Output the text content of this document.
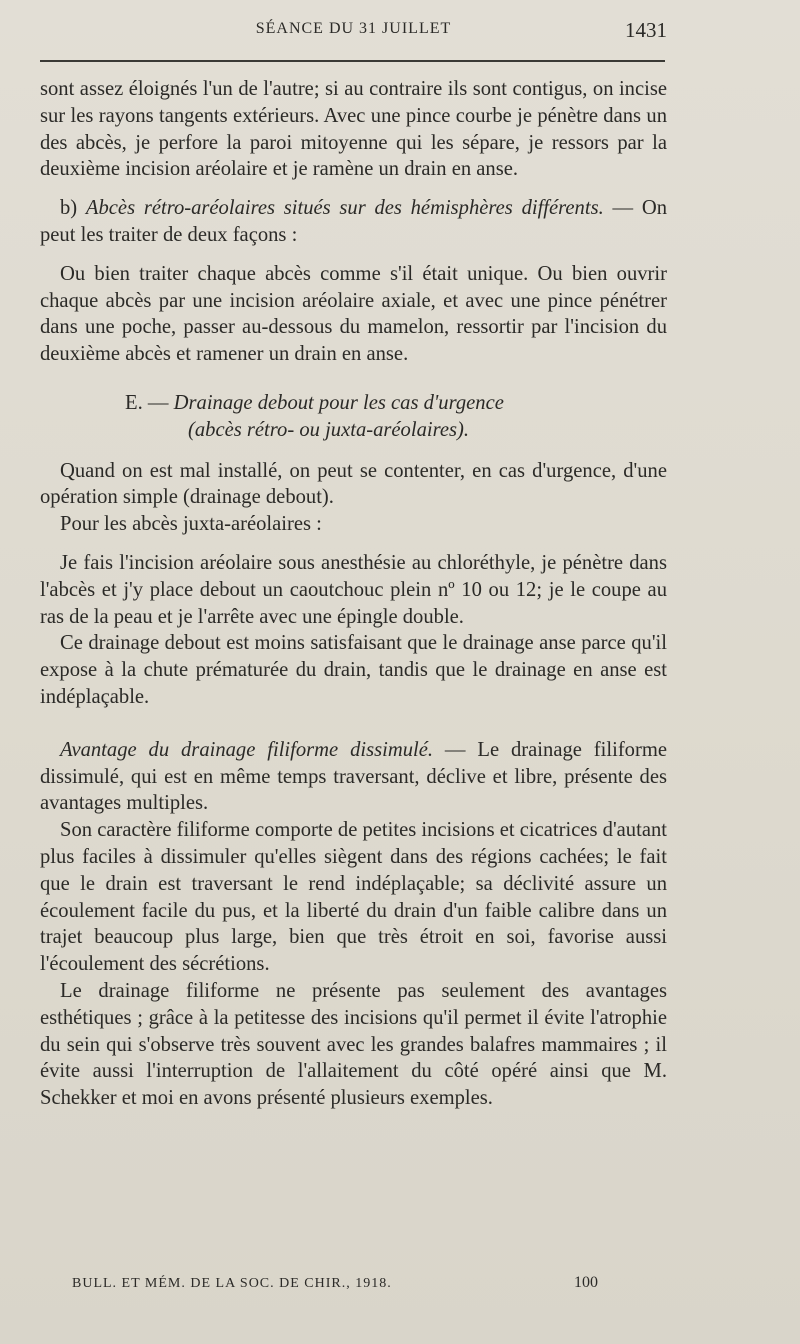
SÉANCE DU 31 JUILLET	1431

sont assez éloignés l'un de l'autre; si au contraire ils sont contigus, on incise sur les rayons tangents extérieurs. Avec une pince courbe je pénètre dans un des abcès, je perfore la paroi mitoyenne qui les sépare, je ressors par la deuxième incision aréolaire et je ramène un drain en anse.

b) Abcès rétro-aréolaires situés sur des hémisphères différents. — On peut les traiter de deux façons :

Ou bien traiter chaque abcès comme s'il était unique. Ou bien ouvrir chaque abcès par une incision aréolaire axiale, et avec une pince pénétrer dans une poche, passer au-dessous du mamelon, ressortir par l'incision du deuxième abcès et ramener un drain en anse.

E. — Drainage debout pour les cas d'urgence
(abcès rétro- ou juxta-aréolaires).

Quand on est mal installé, on peut se contenter, en cas d'urgence, d'une opération simple (drainage debout).

Pour les abcès juxta-aréolaires :

Je fais l'incision aréolaire sous anesthésie au chloréthyle, je pénètre dans l'abcès et j'y place debout un caoutchouc plein nº 10 ou 12; je le coupe au ras de la peau et je l'arrête avec une épingle double.

Ce drainage debout est moins satisfaisant que le drainage anse parce qu'il expose à la chute prématurée du drain, tandis que le drainage en anse est indéplaçable.

Avantage du drainage filiforme dissimulé. — Le drainage filiforme dissimulé, qui est en même temps traversant, déclive et libre, présente des avantages multiples.

Son caractère filiforme comporte de petites incisions et cicatrices d'autant plus faciles à dissimuler qu'elles siègent dans des régions cachées; le fait que le drain est traversant le rend indéplaçable; sa déclivité assure un écoulement facile du pus, et la liberté du drain d'un faible calibre dans un trajet beaucoup plus large, bien que très étroit en soi, favorise aussi l'écoulement des sécrétions.

Le drainage filiforme ne présente pas seulement des avantages esthétiques ; grâce à la petitesse des incisions qu'il permet il évite l'atrophie du sein qui s'observe très souvent avec les grandes balafres mammaires ; il évite aussi l'interruption de l'allaitement du côté opéré ainsi que M. Schekker et moi en avons présenté plusieurs exemples.

BULL. ET MÉM. DE LA SOC. DE CHIR., 1918.	100
